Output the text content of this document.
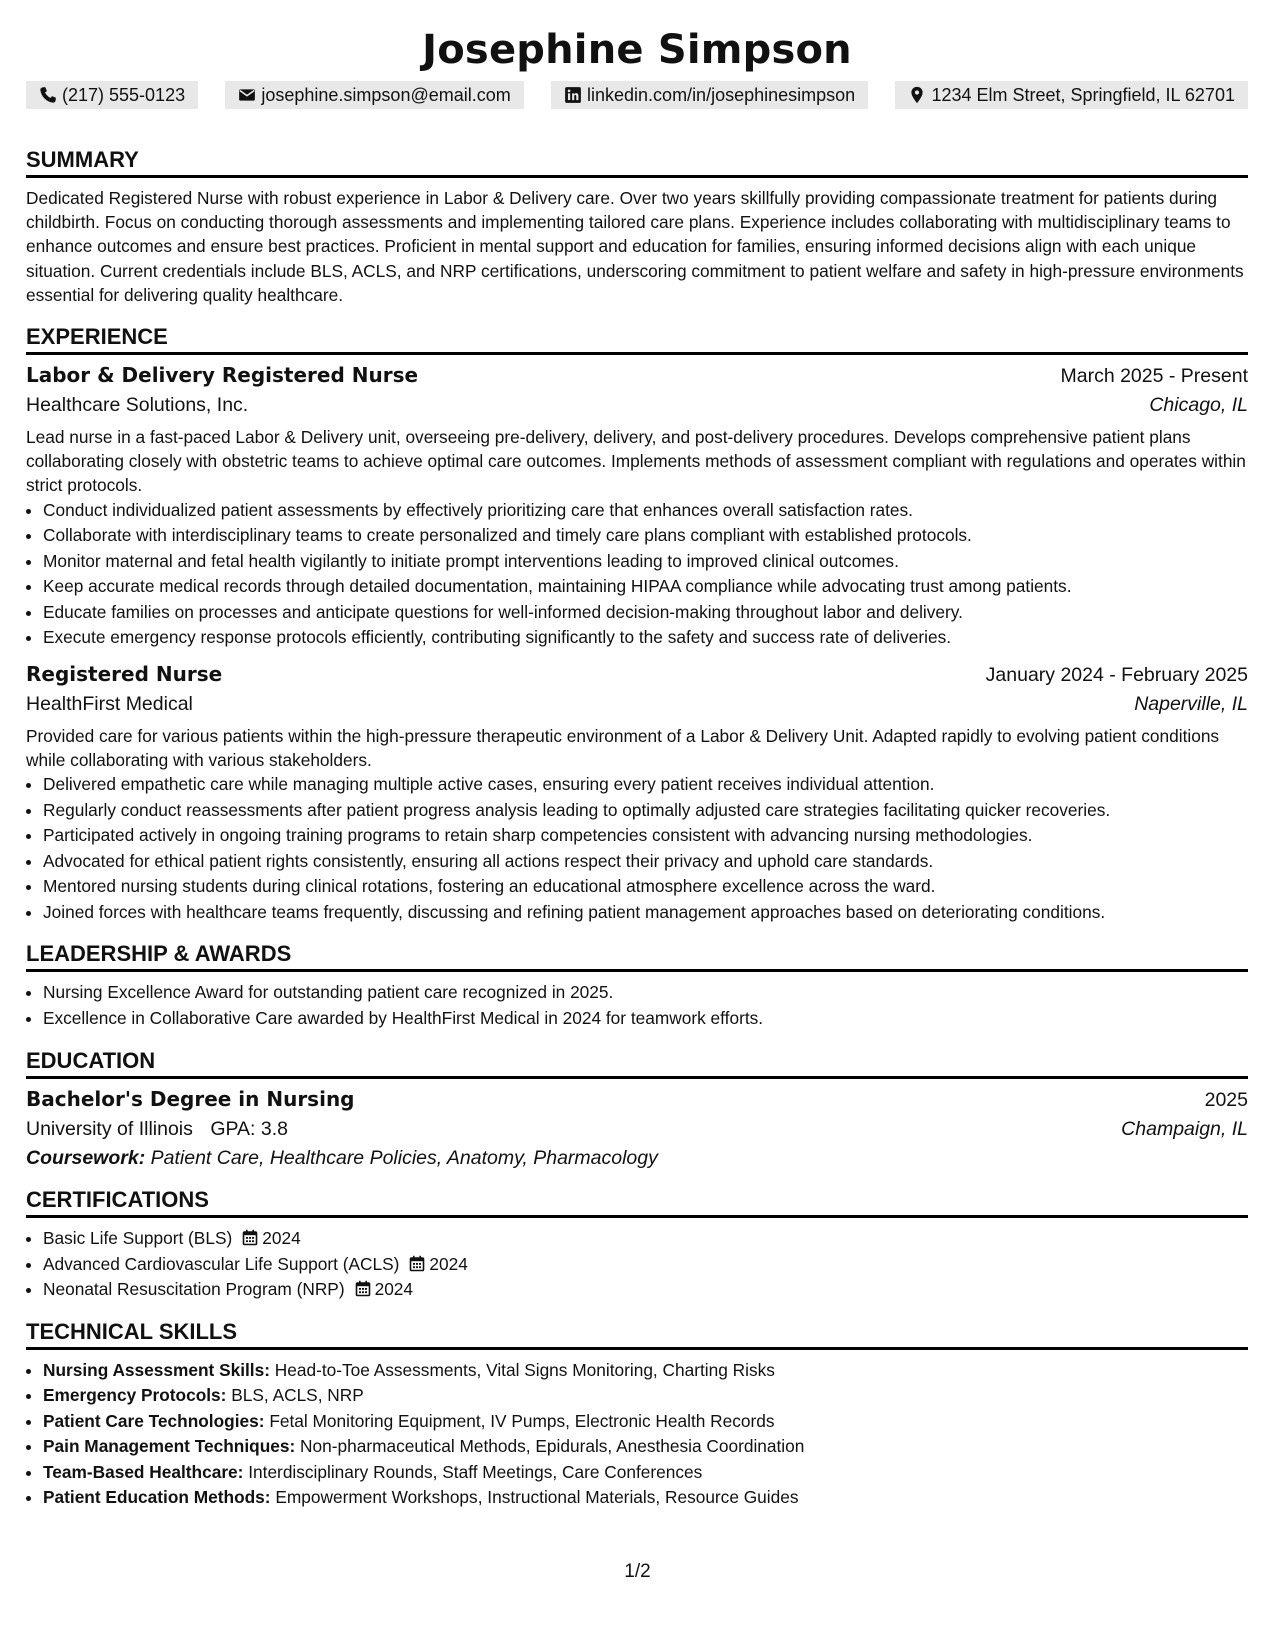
Josephine Simpson
(217) 555-0123	josephine.simpson@email.com	linkedin.com/in/josephinesimpson	1234 Elm Street, Springfield, IL 62701
SUMMARY

Dedicated Registered Nurse with robust experience in Labor & Delivery care. Over two years skillfully providing compassionate treatment for patients during childbirth. Focus on conducting thorough assessments and implementing tailored care plans. Experience includes collaborating with multidisciplinary teams to enhance outcomes and ensure best practices. Proficient in mental support and education for families, ensuring informed decisions align with each unique situation. Current credentials include BLS, ACLS, and NRP certifications, underscoring commitment to patient welfare and safety in high-pressure environments essential for delivering quality healthcare.

EXPERIENCE
Labor & Delivery Registered Nurse	March 2025 - Present
Healthcare Solutions, Inc.	Chicago, IL

Lead nurse in a fast-paced Labor & Delivery unit, overseeing pre-delivery, delivery, and post-delivery procedures. Develops comprehensive patient plans collaborating closely with obstetric teams to achieve optimal care outcomes. Implements methods of assessment compliant with regulations and operates within strict protocols.

• Conduct individualized patient assessments by effectively prioritizing care that enhances overall satisfaction rates.
• Collaborate with interdisciplinary teams to create personalized and timely care plans compliant with established protocols.
• Monitor maternal and fetal health vigilantly to initiate prompt interventions leading to improved clinical outcomes.
• Keep accurate medical records through detailed documentation, maintaining HIPAA compliance while advocating trust among patients.
• Educate families on processes and anticipate questions for well-informed decision-making throughout labor and delivery.
• Execute emergency response protocols efficiently, contributing significantly to the safety and success rate of deliveries.
Registered Nurse	January 2024 - February 2025
HealthFirst Medical	Naperville, IL

Provided care for various patients within the high-pressure therapeutic environment of a Labor & Delivery Unit. Adapted rapidly to evolving patient conditions while collaborating with various stakeholders.

• Delivered empathetic care while managing multiple active cases, ensuring every patient receives individual attention.
• Regularly conduct reassessments after patient progress analysis leading to optimally adjusted care strategies facilitating quicker recoveries.
• Participated actively in ongoing training programs to retain sharp competencies consistent with advancing nursing methodologies.
• Advocated for ethical patient rights consistently, ensuring all actions respect their privacy and uphold care standards.
• Mentored nursing students during clinical rotations, fostering an educational atmosphere excellence across the ward.
• Joined forces with healthcare teams frequently, discussing and refining patient management approaches based on deteriorating conditions.
LEADERSHIP & AWARDS
• Nursing Excellence Award for outstanding patient care recognized in 2025.
• Excellence in Collaborative Care awarded by HealthFirst Medical in 2024 for teamwork efforts.
EDUCATION
Bachelor's Degree in Nursing	2025
University of Illinois GPA: 3.8	Champaign, IL
Coursework: Patient Care, Healthcare Policies, Anatomy, Pharmacology
CERTIFICATIONS
• Basic Life Support (BLS) 2024
• Advanced Cardiovascular Life Support (ACLS) 2024
• Neonatal Resuscitation Program (NRP) 2024
TECHNICAL SKILLS
• Nursing Assessment Skills: Head-to-Toe Assessments, Vital Signs Monitoring, Charting Risks
• Emergency Protocols: BLS, ACLS, NRP
• Patient Care Technologies: Fetal Monitoring Equipment, IV Pumps, Electronic Health Records
• Pain Management Techniques: Non-pharmaceutical Methods, Epidurals, Anesthesia Coordination
• Team-Based Healthcare: Interdisciplinary Rounds, Staff Meetings, Care Conferences
• Patient Education Methods: Empowerment Workshops, Instructional Materials, Resource Guides
1/2
